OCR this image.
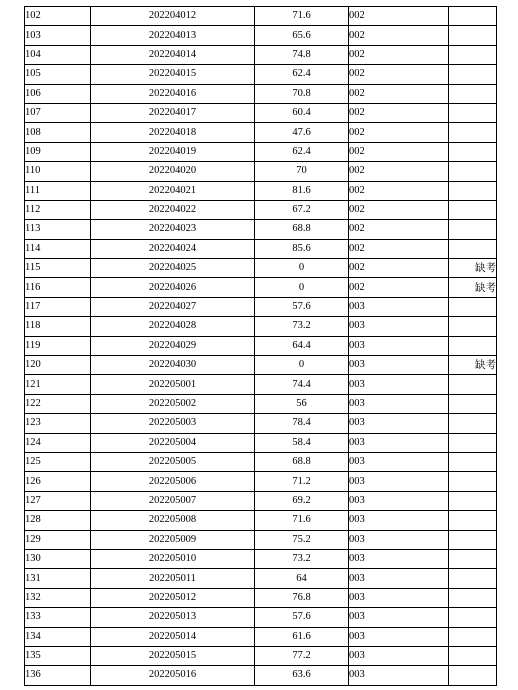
102	202204012	71.6	002	
103	202204013	65.6	002	
104	202204014	74.8	002	
105	202204015	62.4	002	
106	202204016	70.8	002	
107	202204017	60.4	002	
108	202204018	47.6	002	
109	202204019	62.4	002	
110	202204020	70	002	
111	202204021	81.6	002	
112	202204022	67.2	002	
113	202204023	68.8	002	
114	202204024	85.6	002	
115	202204025	0	002	缺考
116	202204026	0	002	缺考
117	202204027	57.6	003	
118	202204028	73.2	003	
119	202204029	64.4	003	
120	202204030	0	003	缺考
121	202205001	74.4	003	
122	202205002	56	003	
123	202205003	78.4	003	
124	202205004	58.4	003	
125	202205005	68.8	003	
126	202205006	71.2	003	
127	202205007	69.2	003	
128	202205008	71.6	003	
129	202205009	75.2	003	
130	202205010	73.2	003	
131	202205011	64	003	
132	202205012	76.8	003	
133	202205013	57.6	003	
134	202205014	61.6	003	
135	202205015	77.2	003	
136	202205016	63.6	003	
